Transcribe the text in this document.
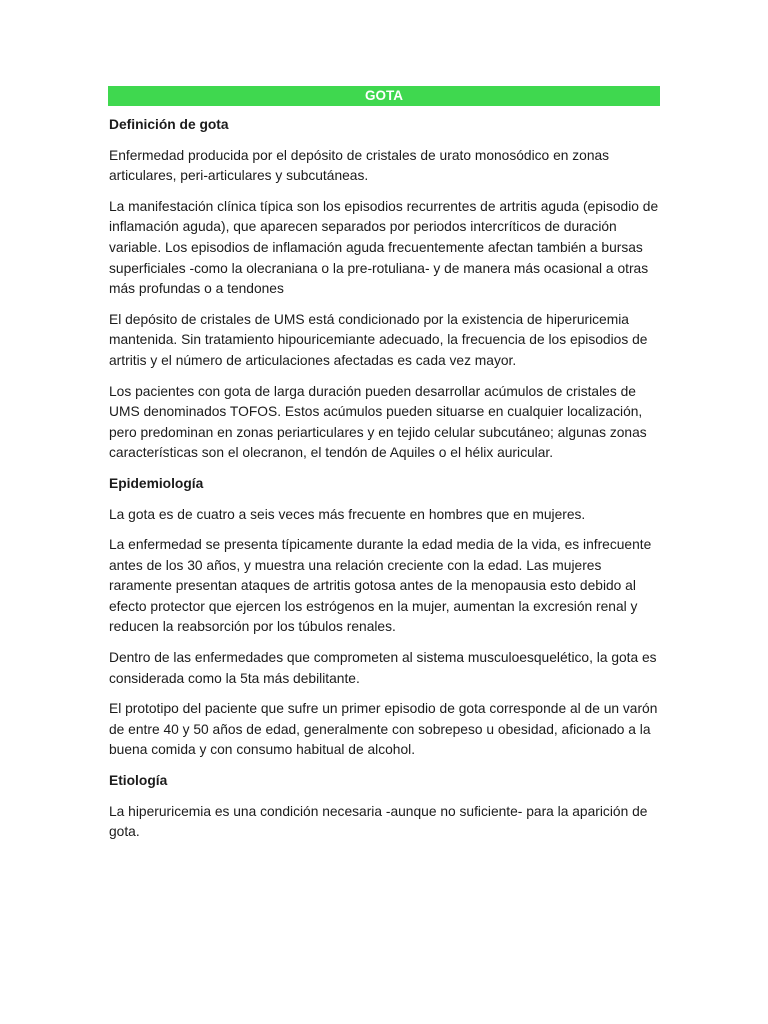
GOTA
Definición de gota

Enfermedad producida por el depósito de cristales de urato monosódico en zonas articulares, peri-articulares y subcutáneas.

La manifestación clínica típica son los episodios recurrentes de artritis aguda (episodio de inflamación aguda), que aparecen separados por periodos intercríticos de duración variable. Los episodios de inflamación aguda frecuentemente afectan también a bursas superficiales -como la olecraniana o la pre-rotuliana- y de manera más ocasional a otras más profundas o a tendones

El depósito de cristales de UMS está condicionado por la existencia de hiperuricemia mantenida. Sin tratamiento hipouricemiante adecuado, la frecuencia de los episodios de artritis y el número de articulaciones afectadas es cada vez mayor.

Los pacientes con gota de larga duración pueden desarrollar acúmulos de cristales de UMS denominados TOFOS. Estos acúmulos pueden situarse en cualquier localización, pero predominan en zonas periarticulares y en tejido celular subcutáneo; algunas zonas características son el olecranon, el tendón de Aquiles o el hélix auricular.

Epidemiología

La gota es de cuatro a seis veces más frecuente en hombres que en mujeres.

La enfermedad se presenta típicamente durante la edad media de la vida, es infrecuente antes de los 30 años, y muestra una relación creciente con la edad. Las mujeres raramente presentan ataques de artritis gotosa antes de la menopausia esto debido al efecto protector que ejercen los estrógenos en la mujer, aumentan la excresión renal y reducen la reabsorción por los túbulos renales.

Dentro de las enfermedades que comprometen al sistema musculoesquelético, la gota es considerada como la 5ta más debilitante.

El prototipo del paciente que sufre un primer episodio de gota corresponde al de un varón de entre 40 y 50 años de edad, generalmente con sobrepeso u obesidad, aficionado a la buena comida y con consumo habitual de alcohol.

Etiología

La hiperuricemia es una condición necesaria -aunque no suficiente- para la aparición de gota.
